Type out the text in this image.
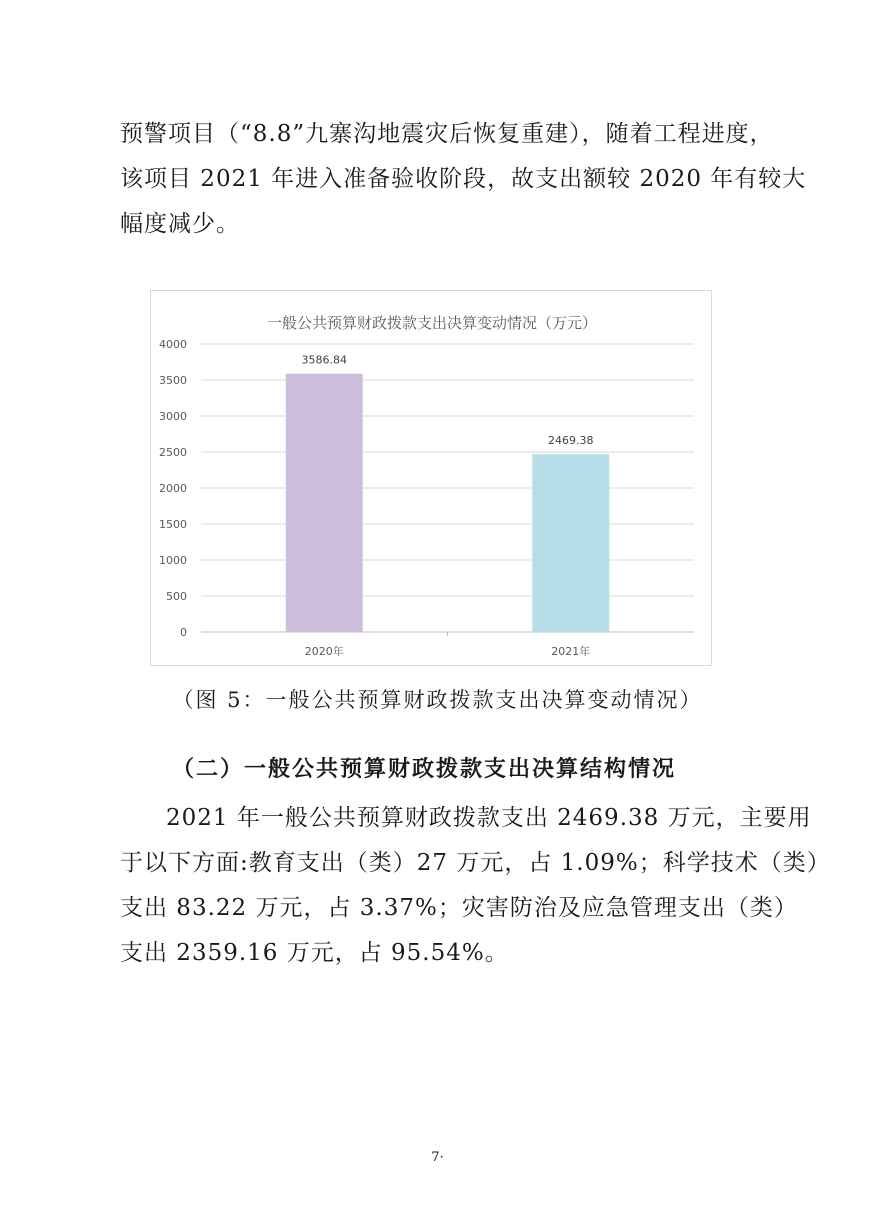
预警项目（“8.8”九寨沟地震灾后恢复重建），随着工程进度，
该项目 2021 年进入准备验收阶段，故支出额较 2020 年有较大
幅度减少。

一般公共预算财政拨款支出决算变动情况（万元）
0
500
1000
1500
2000
2500
3000
3500
4000
3586.84
2020年
2469.38
2021年
（图 5：一般公共预算财政拨款支出决算变动情况）
（二）一般公共预算财政拨款支出决算结构情况

2021 年一般公共预算财政拨款支出 2469.38 万元，主要用
于以下方面:教育支出（类）27 万元，占 1.09%；科学技术（类）
支出 83.22 万元，占 3.37%；灾害防治及应急管理支出（类）
支出 2359.16 万元，占 95.54%。

7·
